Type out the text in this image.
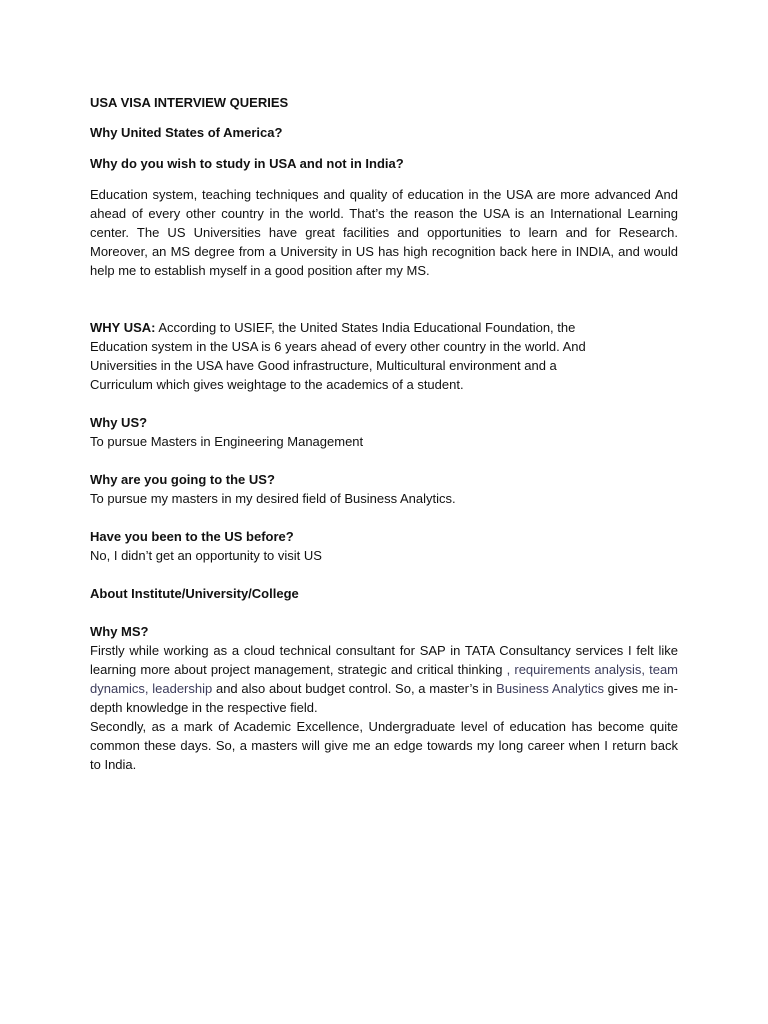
USA VISA INTERVIEW QUERIES
Why United States of America?
Why do you wish to study in USA and not in India?
Education system, teaching techniques and quality of education in the USA are more advanced And ahead of every other country in the world. That’s the reason the USA is an International Learning center. The US Universities have great facilities and opportunities to learn and for Research. Moreover, an MS degree from a University in US has high recognition back here in INDIA, and would help me to establish myself in a good position after my MS.
WHY USA: According to USIEF, the United States India Educational Foundation, the
Education system in the USA is 6 years ahead of every other country in the world. And
Universities in the USA have Good infrastructure, Multicultural environment and a
Curriculum which gives weightage to the academics of a student.
Why US?
To pursue Masters in Engineering Management
Why are you going to the US?
To pursue my masters in my desired field of Business Analytics.
Have you been to the US before?
No, I didn’t get an opportunity to visit US
About Institute/University/College
Why MS?
Firstly while working as a cloud technical consultant for SAP in TATA Consultancy services I felt like learning more about project management, strategic and critical thinking , requirements analysis, team dynamics, leadership and also about budget control. So, a master’s in Business Analytics gives me in-depth knowledge in the respective field.
Secondly, as a mark of Academic Excellence, Undergraduate level of education has become quite common these days. So, a masters will give me an edge towards my long career when I return back to India.
